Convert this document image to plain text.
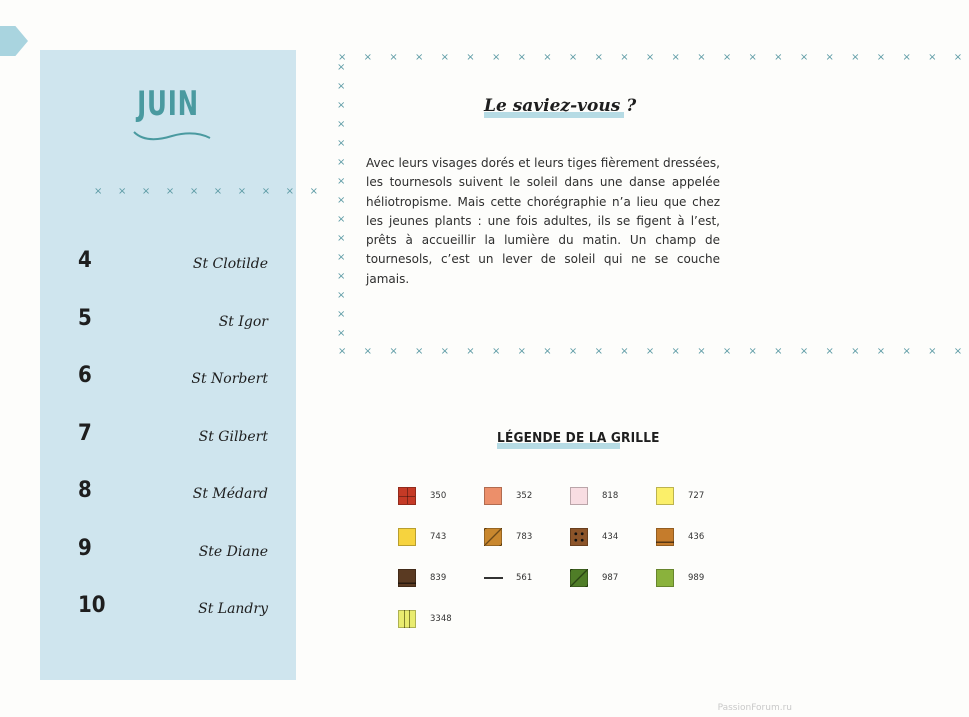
JUIN
× × × × × × × × × ×
4	St Clotilde
5	St Igor
6	St Norbert
7	St Gilbert
8	St Médard
9	Ste Diane
10	St Landry
× × × × × × × × × × × × × × × × × × × × × × × × ×
×
×
×
×
×
×
×
×
×
×
×
×
×
×
×
× × × × × × × × × × × × × × × × × × × × × × × × ×
Le saviez-vous ?
Avec leurs visages dorés et leurs tiges fièrement dressées, les tournesols suivent le soleil dans une danse appelée héliotropisme. Mais cette chorégraphie n’a lieu que chez les jeunes plants : une fois adultes, ils se figent à l’est, prêts à accueillir la lumière du matin. Un champ de tournesols, c’est un lever de soleil qui ne se couche jamais.
LÉGENDE DE LA GRILLE
350	352	818	727
743	783	434	436
839	561	987	989
3348
PassionForum.ru
